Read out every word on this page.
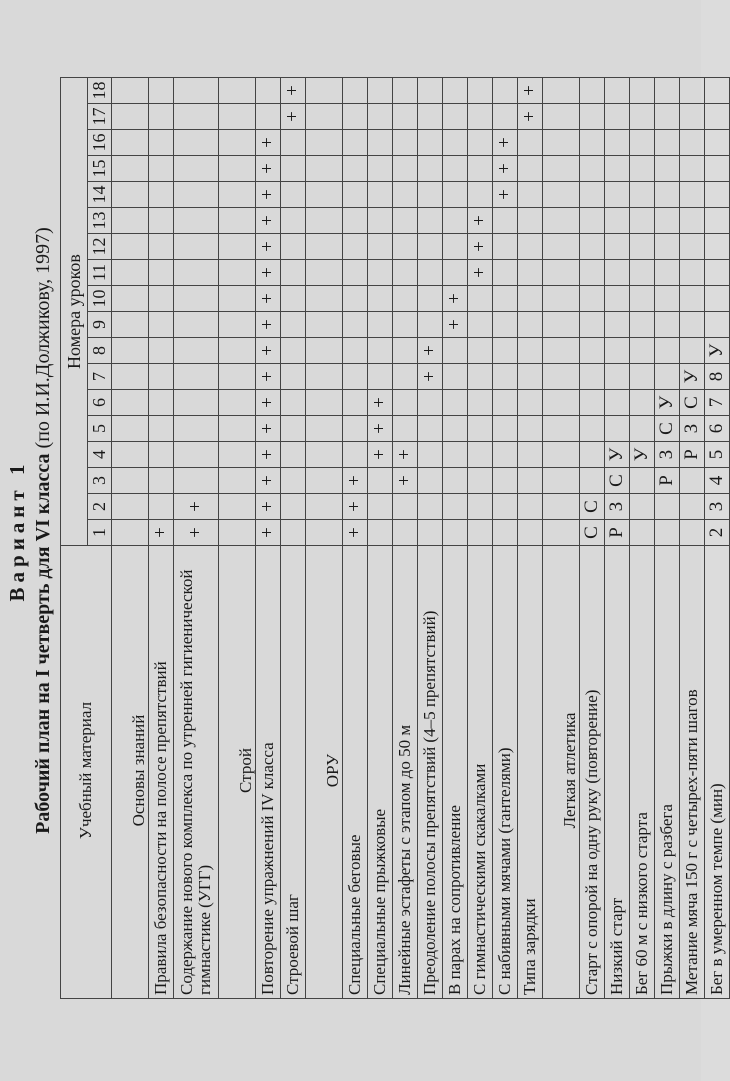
Вариант 1 Рабочий план на I четверть для VI класса (по И.И.Должикову, 1997)
Учебный материал	Номера уроков																	
	1	2	3	4	5	6	7	8	9	10	11	12	13	14	15	16	17	18
Основы знаний																		
Правила безопасности на полосе препятствий	+																	
Содержание нового комплекса по утренней гигиенической гимнастике (УГГ)	+	+																
Строй																		
Повторение упражнений IV класса	+	+	+	+	+	+	+	+	+	+	+	+	+	+	+	+		
Строевой шаг																	+	+
ОРУ																		
Специальные беговые	+	+	+															
Специальные прыжковые				+	+	+												
Линейные эстафеты с этапом до 50 м			+	+														
Преодоление полосы препятствий (4–5 препятствий)							+	+										
В парах на сопротивление									+	+								
С гимнастическими скакалками											+	+	+					
С набивными мячами (гантелями)														+	+	+		
Типа зарядки																	+	+
Легкая атлетика																		
Старт с опорой на одну руку (повторение)	С	С																
Низкий старт	Р	З	С	У														
Бег 60 м с низкого старта				У														
Прыжки в длину с разбега			Р	З	С	У												
Метание мяча 150 г с четырех-пяти шагов				Р	З	С	У											
Бег в умеренном темпе (мин)	2	3	4	5	6	7	8	У										
